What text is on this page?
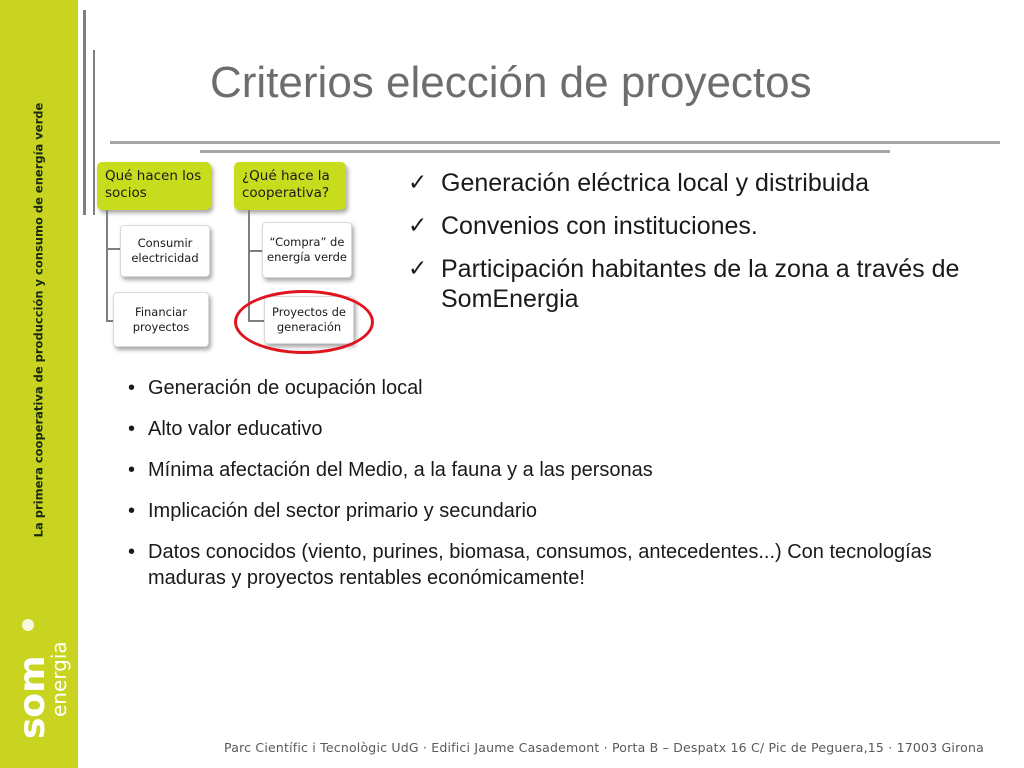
La primera cooperativa de producción y consumo de energía verde
som
energia
Criterios elección de proyectos
Qué hacen los socios
Consumir electricidad
Financiar proyectos
¿Qué hace la cooperativa?
“Compra” de energía verde
Proyectos de generación
✓ Generación eléctrica local y distribuida
✓ Convenios con instituciones.
✓ Participación habitantes de la zona a través de SomEnergia
• Generación de ocupación local
• Alto valor educativo
• Mínima afectación del Medio, a la fauna y a las personas
• Implicación del sector primario y secundario
• Datos conocidos (viento, purines, biomasa, consumos, antecedentes...) Con tecnologías maduras y proyectos rentables económicamente!

Parc Científic i Tecnològic UdG · Edifici Jaume Casademont · Porta B – Despatx 16 C/ Pic de Peguera,15 · 17003 Girona
